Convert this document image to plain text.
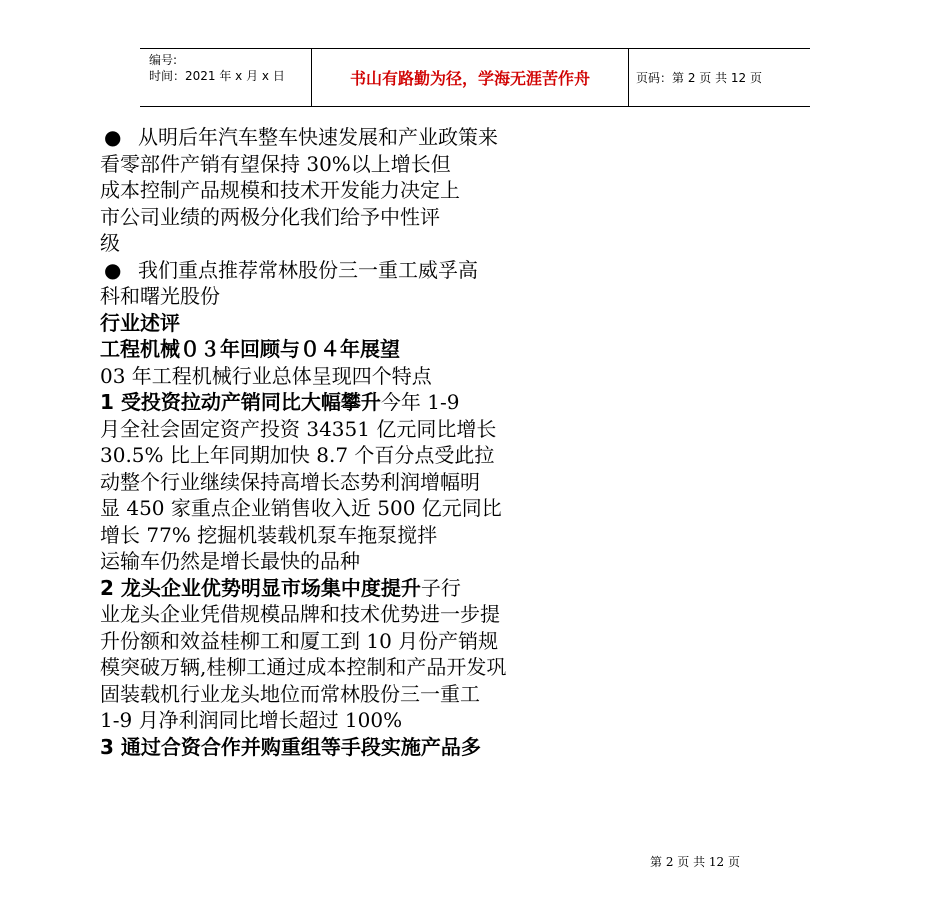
编号:
时间：2021 年 x 月 x 日	书山有路勤为径，学海无涯苦作舟	页码：第 2 页 共 12 页
● 从明后年汽车整车快速发展和产业政策来
看零部件产销有望保持 30%以上增长但
成本控制产品规模和技术开发能力决定上
市公司业绩的两极分化我们给予中性评
级
● 我们重点推荐常林股份三一重工威孚高
科和曙光股份
行业述评
工程机械０３年回顾与０４年展望
03 年工程机械行业总体呈现四个特点
1 受投资拉动产销同比大幅攀升今年 1-9
月全社会固定资产投资 34351 亿元同比增长
30.5% 比上年同期加快 8.7 个百分点受此拉
动整个行业继续保持高增长态势利润增幅明
显 450 家重点企业销售收入近 500 亿元同比
增长 77% 挖掘机装载机泵车拖泵搅拌
运输车仍然是增长最快的品种
2 龙头企业优势明显市场集中度提升子行
业龙头企业凭借规模品牌和技术优势进一步提
升份额和效益桂柳工和厦工到 10 月份产销规
模突破万辆,桂柳工通过成本控制和产品开发巩
固装载机行业龙头地位而常林股份三一重工
1-9 月净利润同比增长超过 100%
3 通过合资合作并购重组等手段实施产品多
第 2 页 共 12 页
